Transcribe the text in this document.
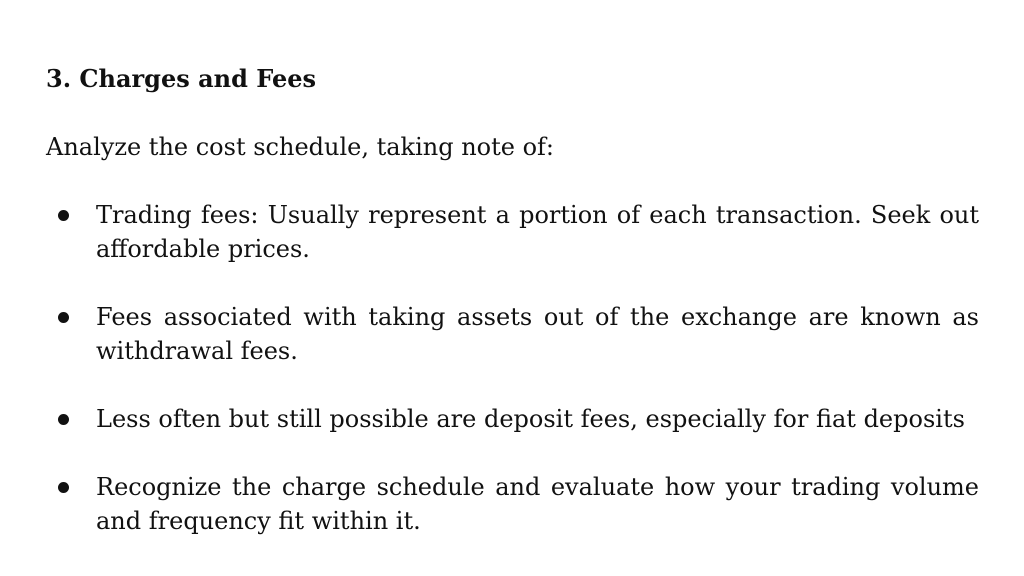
3. Charges and Fees

Analyze the cost schedule, taking note of:

Trading fees: Usually represent a portion of each transaction. Seek out affordable prices.
Fees associated with taking assets out of the exchange are known as withdrawal fees.
Less often but still possible are deposit fees, especially for fiat deposits
Recognize the charge schedule and evaluate how your trading volume and frequency fit within it.
